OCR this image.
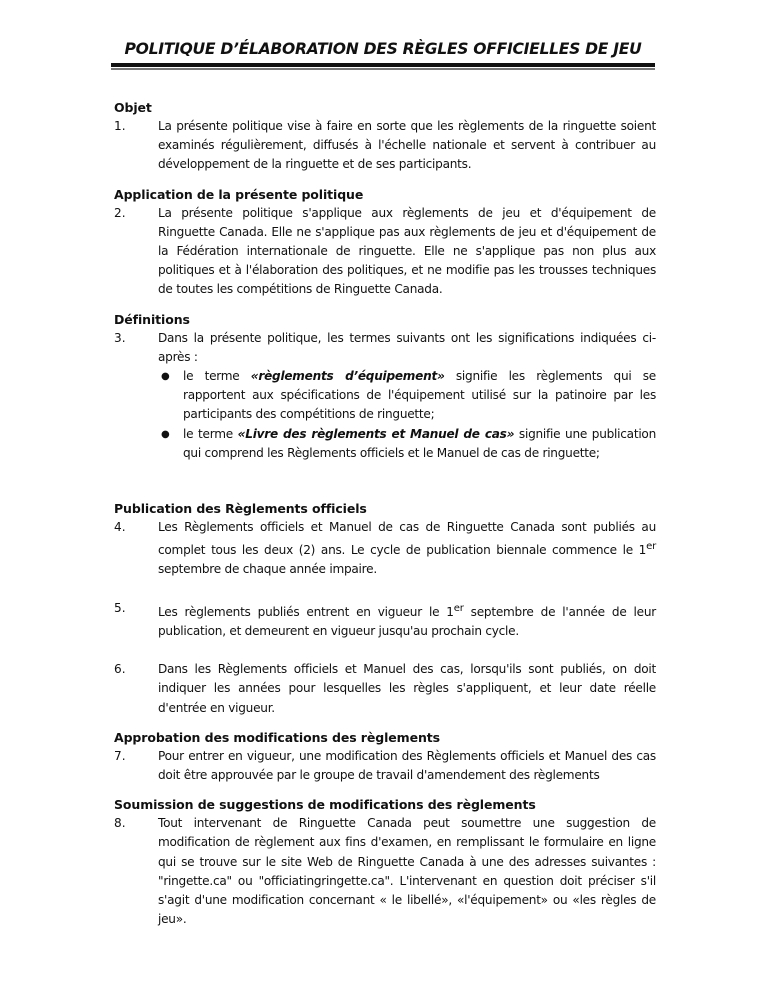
POLITIQUE D’ÉLABORATION DES RÈGLES OFFICIELLES DE JEU
Objet
1.	La présente politique vise à faire en sorte que les règlements de la ringuette soient examinés régulièrement, diffusés à l'échelle nationale et servent à contribuer au développement de la ringuette et de ses participants.
Application de la présente politique
2.	La présente politique s'applique aux règlements de jeu et d'équipement de Ringuette Canada. Elle ne s'applique pas aux règlements de jeu et d'équipement de la Fédération internationale de ringuette. Elle ne s'applique pas non plus aux politiques et à l'élaboration des politiques, et ne modifie pas les trousses techniques de toutes les compétitions de Ringuette Canada.
Définitions
3.	Dans la présente politique, les termes suivants ont les significations indiquées ci-après :
●	le terme «règlements d’équipement» signifie les règlements qui se rapportent aux spécifications de l'équipement utilisé sur la patinoire par les participants des compétitions de ringuette;
●	le terme «Livre des règlements et Manuel de cas» signifie une publication qui comprend les Règlements officiels et le Manuel de cas de ringuette;
Publication des Règlements officiels
4.	Les Règlements officiels et Manuel de cas de Ringuette Canada sont publiés au complet tous les deux (2) ans. Le cycle de publication biennale commence le 1er septembre de chaque année impaire.
5.	Les règlements publiés entrent en vigueur le 1er septembre de l'année de leur publication, et demeurent en vigueur jusqu'au prochain cycle.
6.	Dans les Règlements officiels et Manuel des cas, lorsqu'ils sont publiés, on doit indiquer les années pour lesquelles les règles s'appliquent, et leur date réelle d'entrée en vigueur.
Approbation des modifications des règlements
7.	Pour entrer en vigueur, une modification des Règlements officiels et Manuel des cas doit être approuvée par le groupe de travail d'amendement des règlements
Soumission de suggestions de modifications des règlements
8.	Tout intervenant de Ringuette Canada peut soumettre une suggestion de modification de règlement aux fins d'examen, en remplissant le formulaire en ligne qui se trouve sur le site Web de Ringuette Canada à une des adresses suivantes : "ringette.ca" ou "officiatingringette.ca". L'intervenant en question doit préciser s'il s'agit d'une modification concernant « le libellé», «l'équipement» ou «les règles de jeu».
